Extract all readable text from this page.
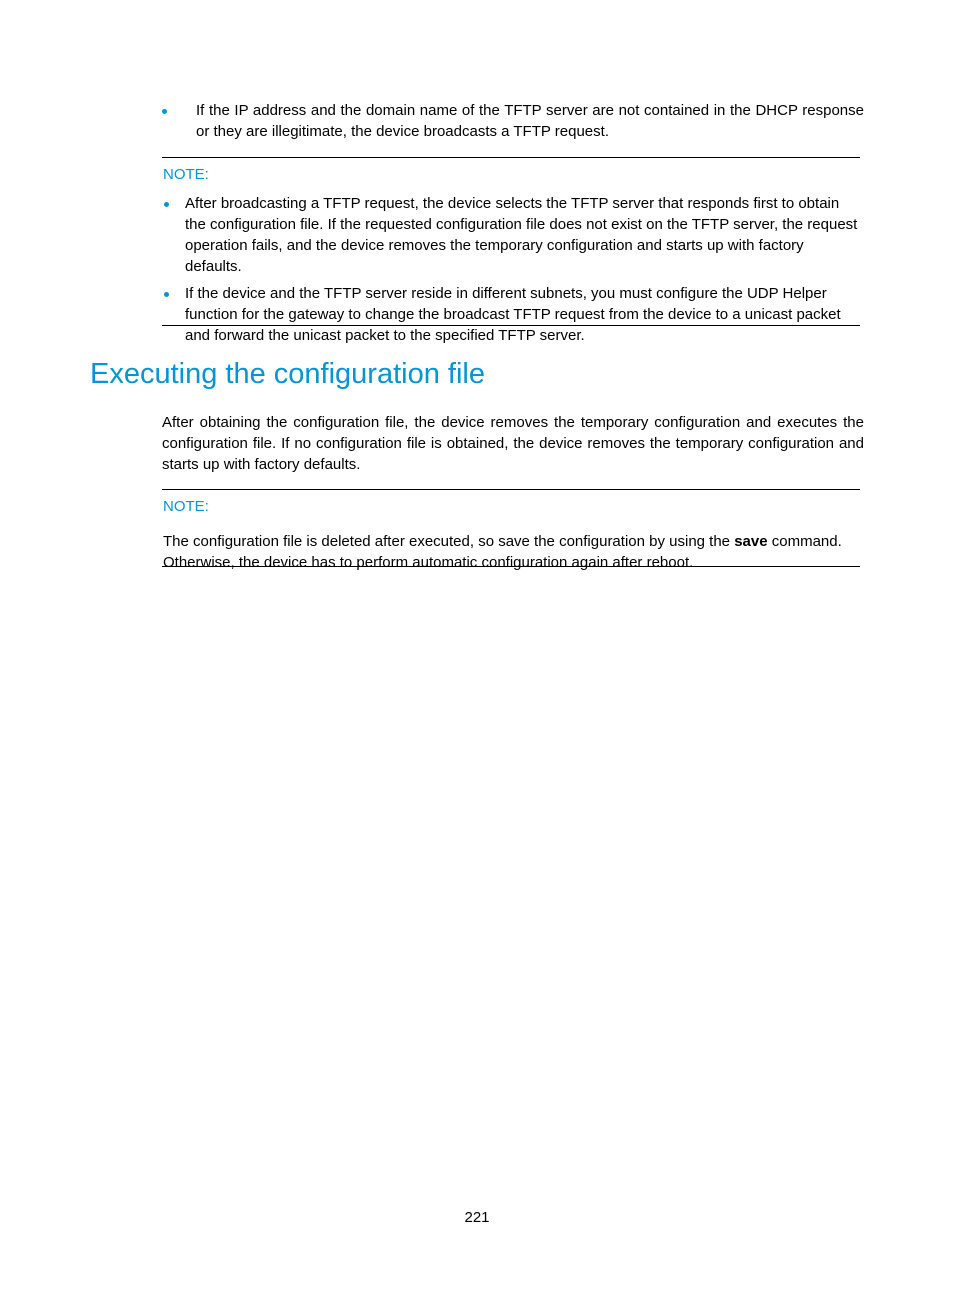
If the IP address and the domain name of the TFTP server are not contained in the DHCP response or they are illegitimate, the device broadcasts a TFTP request.
NOTE:
After broadcasting a TFTP request, the device selects the TFTP server that responds first to obtain the configuration file. If the requested configuration file does not exist on the TFTP server, the request operation fails, and the device removes the temporary configuration and starts up with factory defaults.
If the device and the TFTP server reside in different subnets, you must configure the UDP Helper function for the gateway to change the broadcast TFTP request from the device to a unicast packet and forward the unicast packet to the specified TFTP server.
Executing the configuration file

After obtaining the configuration file, the device removes the temporary configuration and executes the configuration file. If no configuration file is obtained, the device removes the temporary configuration and starts up with factory defaults.

NOTE:
The configuration file is deleted after executed, so save the configuration by using the save command. Otherwise, the device has to perform automatic configuration again after reboot.
221
